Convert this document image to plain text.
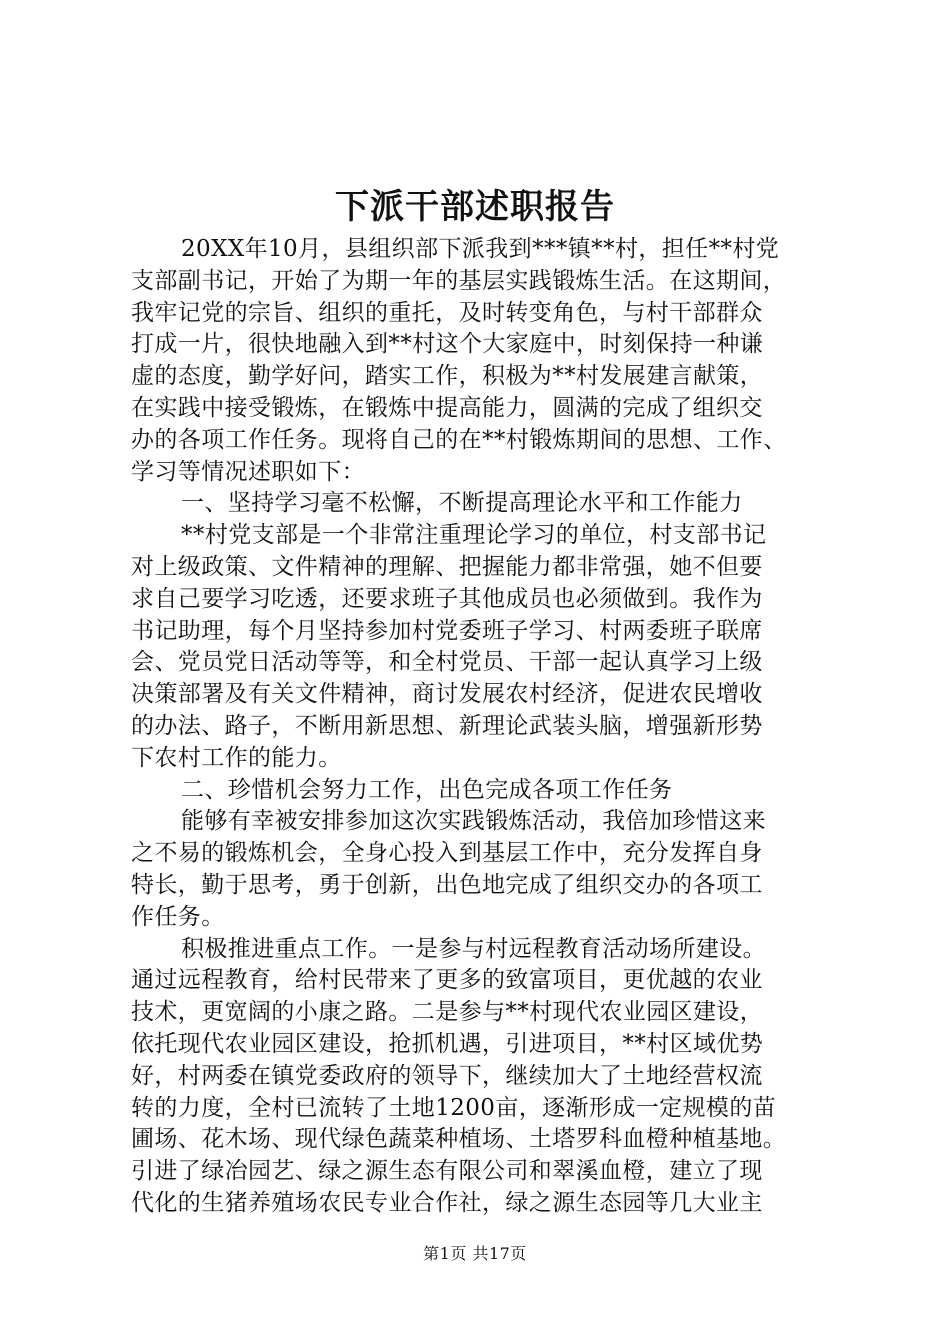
下派干部述职报告
20XX年10月，县组织部下派我到***镇**村，担任**村党
支部副书记，开始了为期一年的基层实践锻炼生活。在这期间，
我牢记党的宗旨、组织的重托，及时转变角色，与村干部群众
打成一片，很快地融入到**村这个大家庭中，时刻保持一种谦
虚的态度，勤学好问，踏实工作，积极为**村发展建言献策，
在实践中接受锻炼，在锻炼中提高能力，圆满的完成了组织交
办的各项工作任务。现将自己的在**村锻炼期间的思想、工作、
学习等情况述职如下：
一、坚持学习毫不松懈，不断提高理论水平和工作能力
**村党支部是一个非常注重理论学习的单位，村支部书记
对上级政策、文件精神的理解、把握能力都非常强，她不但要
求自己要学习吃透，还要求班子其他成员也必须做到。我作为
书记助理，每个月坚持参加村党委班子学习、村两委班子联席
会、党员党日活动等等，和全村党员、干部一起认真学习上级
决策部署及有关文件精神，商讨发展农村经济，促进农民增收
的办法、路子，不断用新思想、新理论武装头脑，增强新形势
下农村工作的能力。
二、珍惜机会努力工作，出色完成各项工作任务
能够有幸被安排参加这次实践锻炼活动，我倍加珍惜这来
之不易的锻炼机会，全身心投入到基层工作中，充分发挥自身
特长，勤于思考，勇于创新，出色地完成了组织交办的各项工
作任务。
积极推进重点工作。一是参与村远程教育活动场所建设。
通过远程教育，给村民带来了更多的致富项目，更优越的农业
技术，更宽阔的小康之路。二是参与**村现代农业园区建设，
依托现代农业园区建设，抢抓机遇，引进项目，**村区域优势
好，村两委在镇党委政府的领导下，继续加大了土地经营权流
转的力度，全村已流转了土地1200亩，逐渐形成一定规模的苗
圃场、花木场、现代绿色蔬菜种植场、土塔罗科血橙种植基地。
引进了绿冶园艺、绿之源生态有限公司和翠溪血橙，建立了现
代化的生猪养殖场农民专业合作社，绿之源生态园等几大业主
第1页 共17页
